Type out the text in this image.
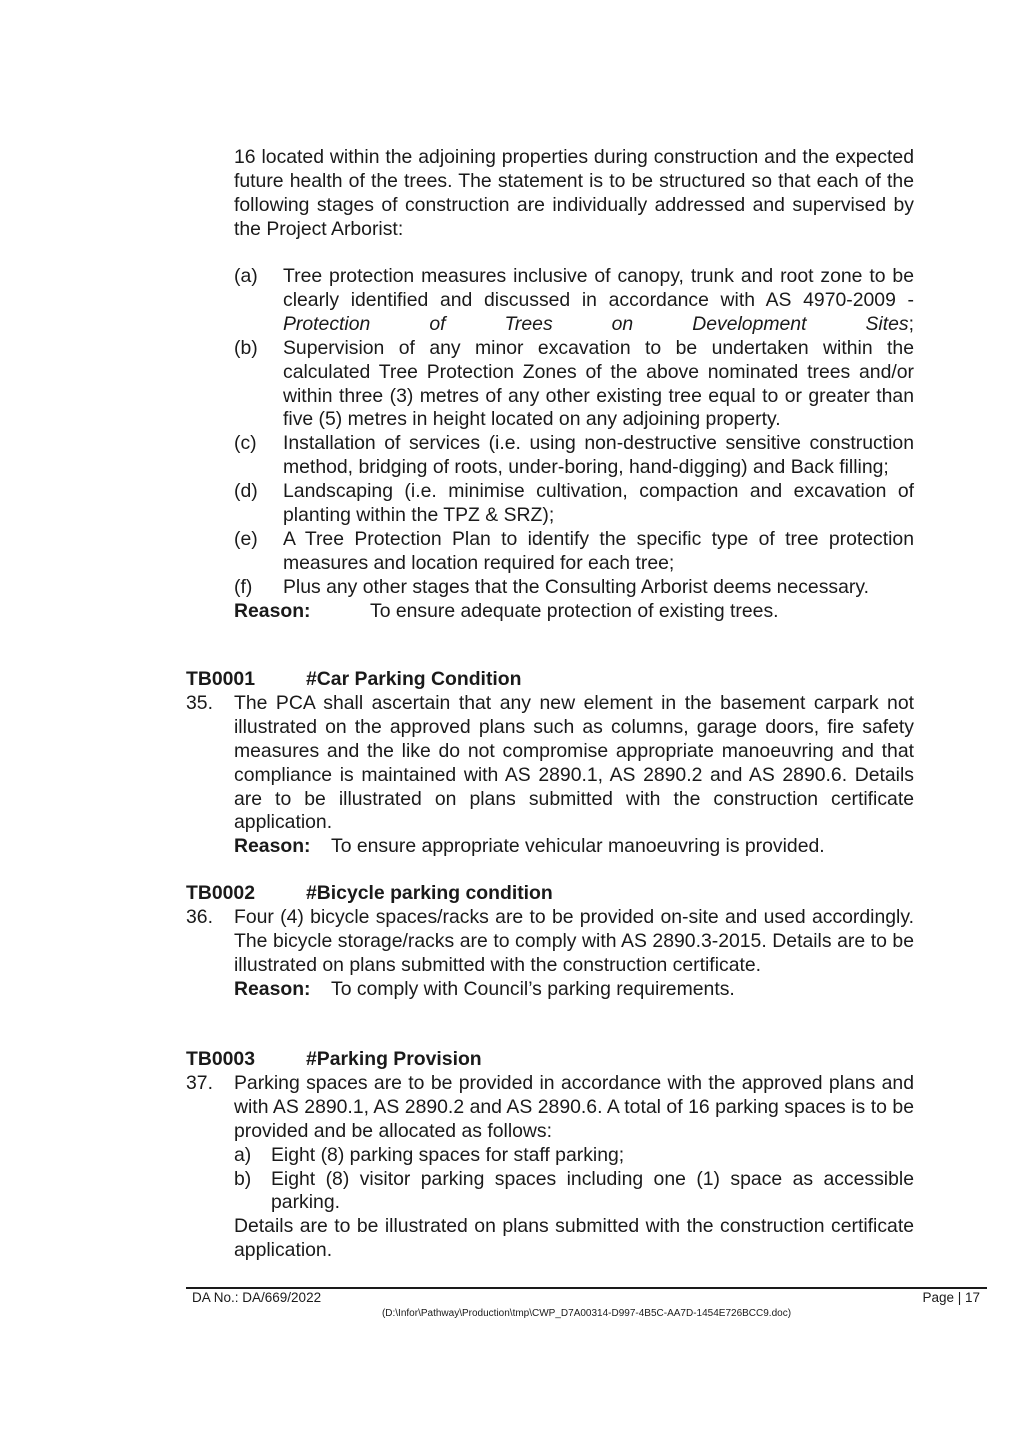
16 located within the adjoining properties during construction and the expected future health of the trees. The statement is to be structured so that each of the following stages of construction are individually addressed and supervised by the Project Arborist:
(a)	Tree protection measures inclusive of canopy, trunk and root zone to be clearly identified and discussed in accordance with AS 4970-2009 - Protection of Trees on Development Sites;
(b)	Supervision of any minor excavation to be undertaken within the calculated Tree Protection Zones of the above nominated trees and/or within three (3) metres of any other existing tree equal to or greater than five (5) metres in height located on any adjoining property.
(c)	Installation of services (i.e. using non-destructive sensitive construction method, bridging of roots, under-boring, hand-digging) and Back filling;
(d)	Landscaping (i.e. minimise cultivation, compaction and excavation of planting within the TPZ & SRZ);
(e)	A Tree Protection Plan to identify the specific type of tree protection measures and location required for each tree;
(f)	Plus any other stages that the Consulting Arborist deems necessary.
Reason:	To ensure adequate protection of existing trees.
TB0001	#Car Parking Condition
35.	The PCA shall ascertain that any new element in the basement carpark not illustrated on the approved plans such as columns, garage doors, fire safety measures and the like do not compromise appropriate manoeuvring and that compliance is maintained with AS 2890.1, AS 2890.2 and AS 2890.6. Details are to be illustrated on plans submitted with the construction certificate application.
Reason:	To ensure appropriate vehicular manoeuvring is provided.
TB0002	#Bicycle parking condition
36.	Four (4) bicycle spaces/racks are to be provided on-site and used accordingly. The bicycle storage/racks are to comply with AS 2890.3-2015. Details are to be illustrated on plans submitted with the construction certificate.
Reason:	To comply with Council’s parking requirements.
TB0003	#Parking Provision
37.	Parking spaces are to be provided in accordance with the approved plans and with AS 2890.1, AS 2890.2 and AS 2890.6. A total of 16 parking spaces is to be provided and be allocated as follows:
a)	Eight (8) parking spaces for staff parking;
b)	Eight (8) visitor parking spaces including one (1) space as accessible parking.
Details are to be illustrated on plans submitted with the construction certificate application.
DA No.: DA/669/2022	Page | 17
(D:\Infor\Pathway\Production\tmp\CWP_D7A00314-D997-4B5C-AA7D-1454E726BCC9.doc)
